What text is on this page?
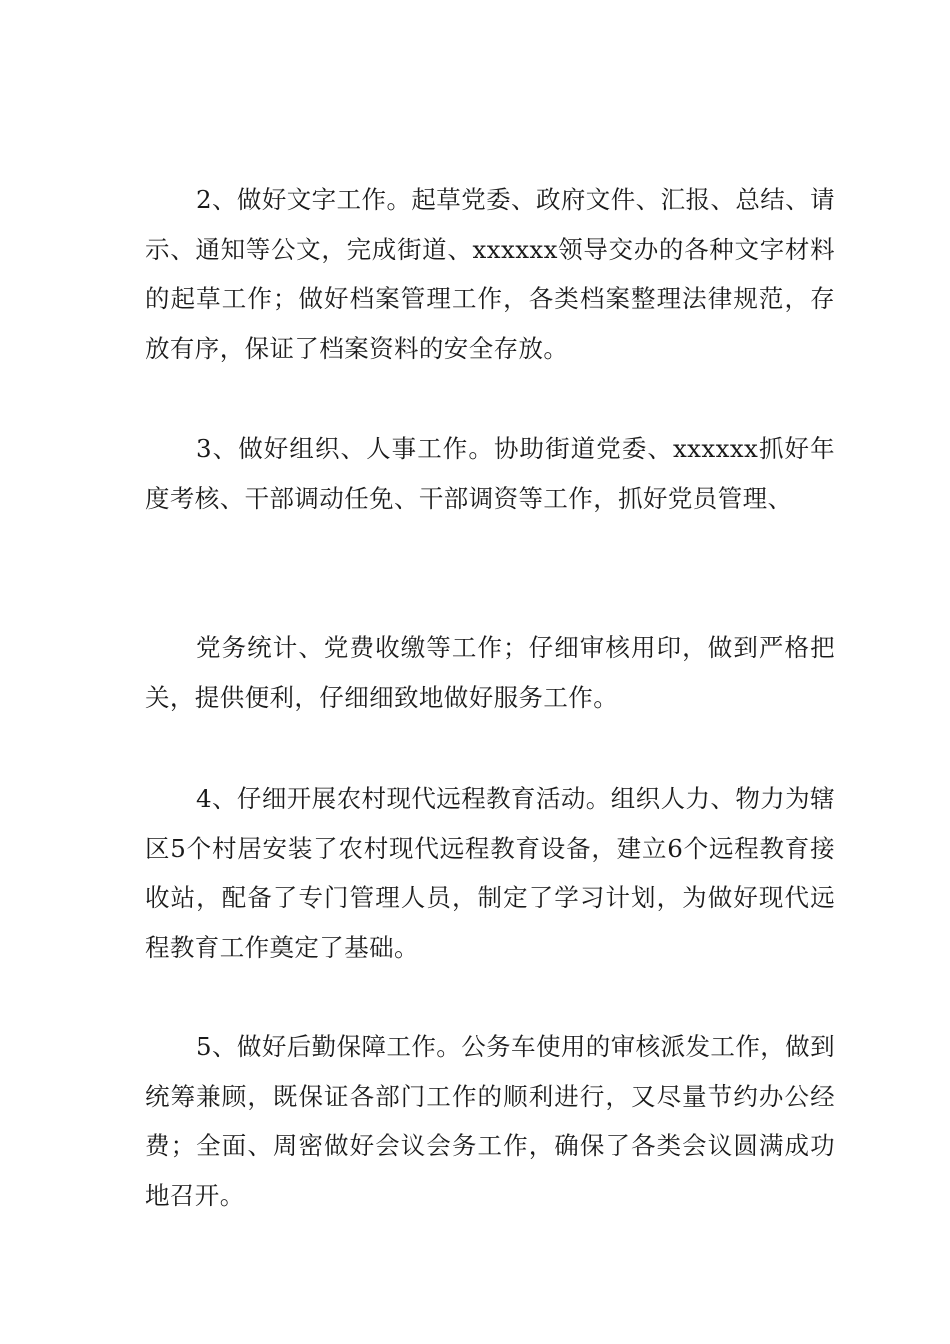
2、做好文字工作。起草党委、政府文件、汇报、总结、请示、通知等公文，完成街道、xxxxxx领导交办的各种文字材料的起草工作；做好档案管理工作，各类档案整理法律规范，存放有序，保证了档案资料的安全存放。

3、做好组织、人事工作。协助街道党委、xxxxxx抓好年度考核、干部调动任免、干部调资等工作，抓好党员管理、

党务统计、党费收缴等工作；仔细审核用印，做到严格把关，提供便利，仔细细致地做好服务工作。

4、仔细开展农村现代远程教育活动。组织人力、物力为辖区5个村居安装了农村现代远程教育设备，建立6个远程教育接收站，配备了专门管理人员，制定了学习计划，为做好现代远程教育工作奠定了基础。

5、做好后勤保障工作。公务车使用的审核派发工作，做到统筹兼顾，既保证各部门工作的顺利进行，又尽量节约办公经费；全面、周密做好会议会务工作，确保了各类会议圆满成功地召开。
